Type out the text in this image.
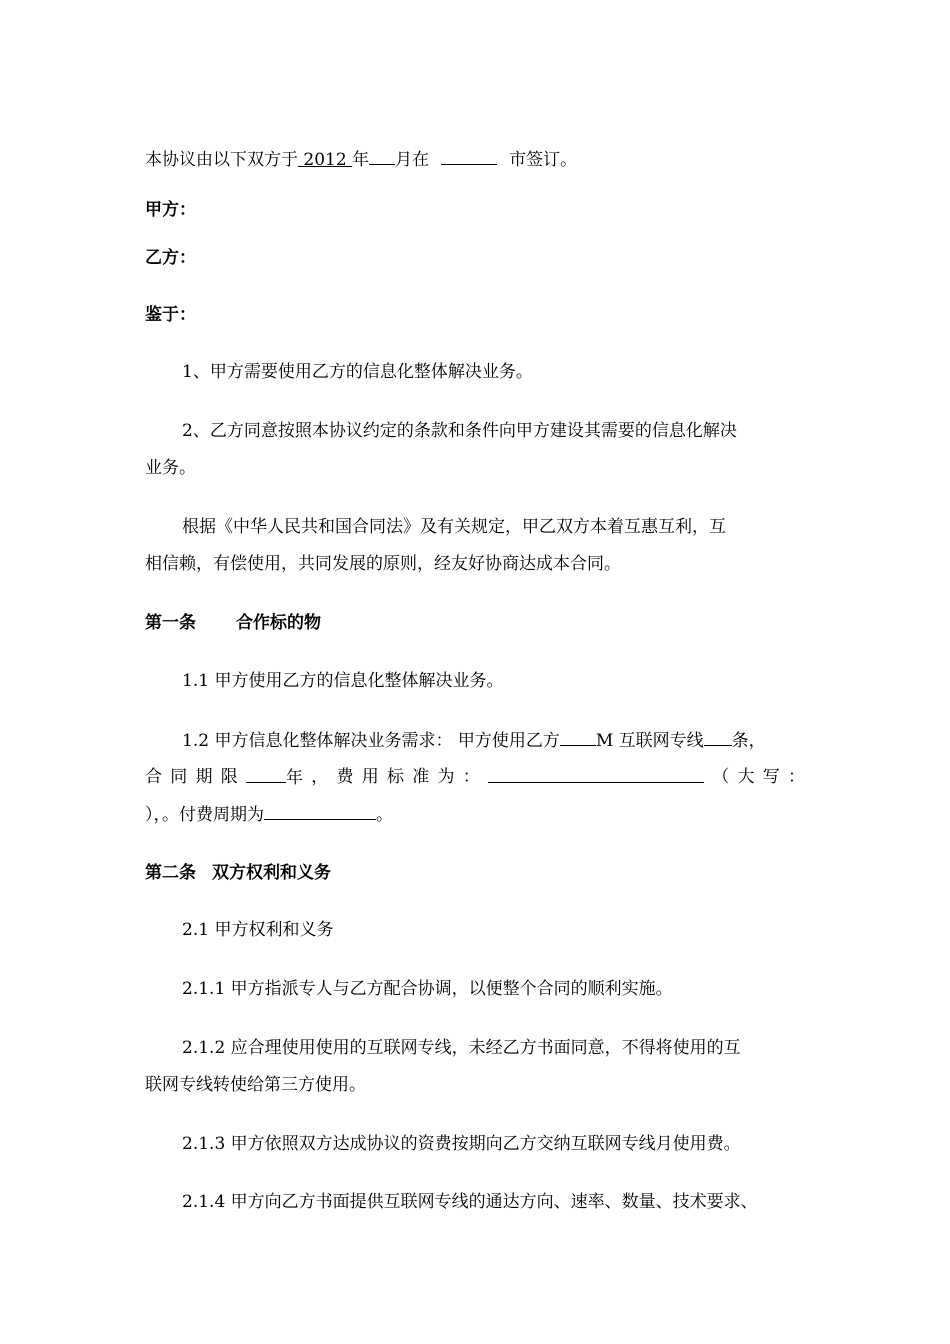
本协议由以下双方于 2012 年 月在	市签订。
甲方：
乙方：
鉴于：
1、甲方需要使用乙方的信息化整体解决业务。
2、乙方同意按照本协议约定的条款和条件向甲方建设其需要的信息化解决
业务。
根据《中华人民共和国合同法》及有关规定，甲乙双方本着互惠互利，互
相信赖，有偿使用，共同发展的原则，经友好协商达成本合同。
第一条 合作标的物
1.1 甲方使用乙方的信息化整体解决业务。
1.2 甲方信息化整体解决业务需求： 甲方使用乙方 M 互联网专线 条，
合 同 期 限	年 ， 费 用 标 准 为 ：	（ 大 写 ：
），。付费周期为	。
第二条 双方权利和义务
2.1 甲方权利和义务
2.1.1 甲方指派专人与乙方配合协调，以便整个合同的顺利实施。
2.1.2 应合理使用使用的互联网专线，未经乙方书面同意，不得将使用的互
联网专线转使给第三方使用。
2.1.3 甲方依照双方达成协议的资费按期向乙方交纳互联网专线月使用费。
2.1.4 甲方向乙方书面提供互联网专线的通达方向、速率、数量、技术要求、
